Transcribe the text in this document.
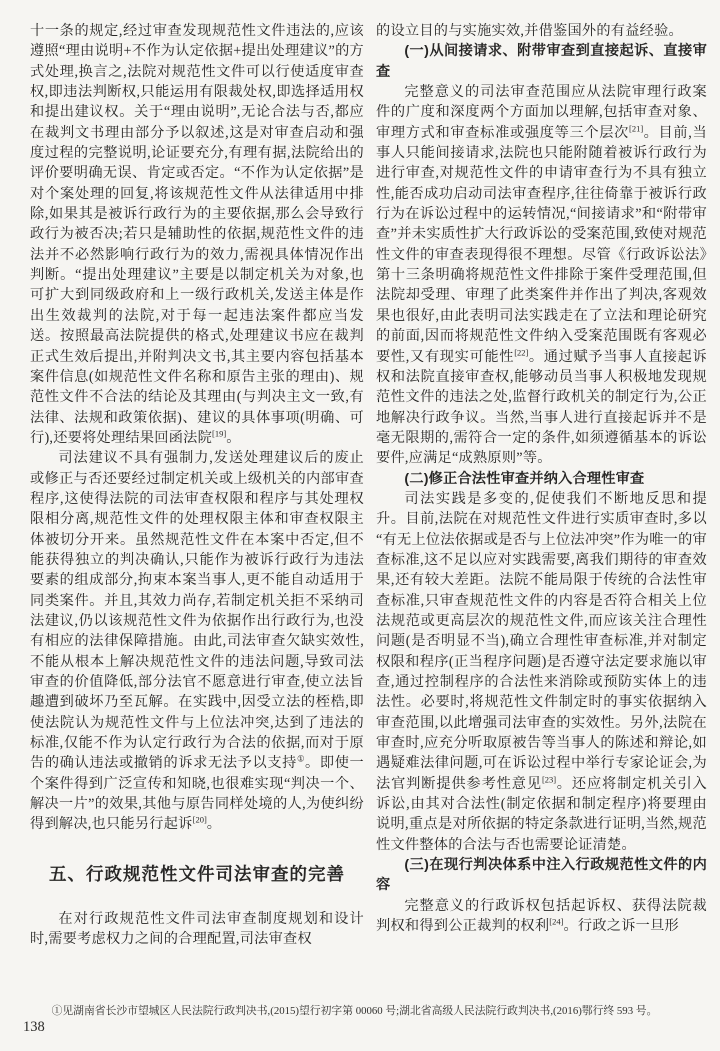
十一条的规定,经过审查发现规范性文件违法的,应该遵照“理由说明+不作为认定依据+提出处理建议”的方式处理,换言之,法院对规范性文件可以行使适度审查权,即违法判断权,只能运用有限裁处权,即选择适用权和提出建议权。关于“理由说明”,无论合法与否,都应在裁判文书理由部分予以叙述,这是对审查启动和强度过程的完整说明,论证要充分,有理有据,法院给出的评价要明确无误、肯定或否定。“不作为认定依据”是对个案处理的回复,将该规范性文件从法律适用中排除,如果其是被诉行政行为的主要依据,那么会导致行政行为被否决;若只是辅助性的依据,规范性文件的违法并不必然影响行政行为的效力,需视具体情况作出判断。“提出处理建议”主要是以制定机关为对象,也可扩大到同级政府和上一级行政机关,发送主体是作出生效裁判的法院,对于每一起违法案件都应当发送。按照最高法院提供的格式,处理建议书应在裁判正式生效后提出,并附判决文书,其主要内容包括基本案件信息(如规范性文件名称和原告主张的理由)、规范性文件不合法的结论及其理由(与判决主文一致,有法律、法规和政策依据)、建议的具体事项(明确、可行),还要将处理结果回函法院[19]。

司法建议不具有强制力,发送处理建议后的废止或修正与否还要经过制定机关或上级机关的内部审查程序,这使得法院的司法审查权限和程序与其处理权限相分离,规范性文件的处理权限主体和审查权限主体被切分开来。虽然规范性文件在本案中否定,但不能获得独立的判决确认,只能作为被诉行政行为违法要素的组成部分,拘束本案当事人,更不能自动适用于同类案件。并且,其效力尚存,若制定机关拒不采纳司法建议,仍以该规范性文件为依据作出行政行为,也没有相应的法律保障措施。由此,司法审查欠缺实效性,不能从根本上解决规范性文件的违法问题,导致司法审查的价值降低,部分法官不愿意进行审查,使立法旨趣遭到破坏乃至瓦解。在实践中,因受立法的桎梏,即使法院认为规范性文件与上位法冲突,达到了违法的标准,仅能不作为认定行政行为合法的依据,而对于原告的确认违法或撤销的诉求无法予以支持①。即使一个案件得到广泛宣传和知晓,也很难实现“判决一个、解决一片”的效果,其他与原告同样处境的人,为使纠纷得到解决,也只能另行起诉[20]。

五、行政规范性文件司法审查的完善

在对行政规范性文件司法审查制度规划和设计时,需要考虑权力之间的合理配置,司法审查权

的设立目的与实施实效,并借鉴国外的有益经验。

(一)从间接请求、附带审查到直接起诉、直接审查

完整意义的司法审查范围应从法院审理行政案件的广度和深度两个方面加以理解,包括审查对象、审理方式和审查标准或强度等三个层次[21]。目前,当事人只能间接请求,法院也只能附随着被诉行政行为进行审查,对规范性文件的申请审查行为不具有独立性,能否成功启动司法审查程序,往往倚靠于被诉行政行为在诉讼过程中的运转情况,“间接请求”和“附带审查”并未实质性扩大行政诉讼的受案范围,致使对规范性文件的审查表现得很不理想。尽管《行政诉讼法》第十三条明确将规范性文件排除于案件受理范围,但法院却受理、审理了此类案件并作出了判决,客观效果也很好,由此表明司法实践走在了立法和理论研究的前面,因而将规范性文件纳入受案范围既有客观必要性,又有现实可能性[22]。通过赋予当事人直接起诉权和法院直接审查权,能够动员当事人积极地发现规范性文件的违法之处,监督行政机关的制定行为,公正地解决行政争议。当然,当事人进行直接起诉并不是毫无限期的,需符合一定的条件,如须遵循基本的诉讼要件,应满足“成熟原则”等。

(二)修正合法性审查并纳入合理性审查

司法实践是多变的,促使我们不断地反思和提升。目前,法院在对规范性文件进行实质审查时,多以“有无上位法依据或是否与上位法冲突”作为唯一的审查标准,这不足以应对实践需要,离我们期待的审查效果,还有较大差距。法院不能局限于传统的合法性审查标准,只审查规范性文件的内容是否符合相关上位法规范或更高层次的规范性文件,而应该关注合理性问题(是否明显不当),确立合理性审查标准,并对制定权限和程序(正当程序问题)是否遵守法定要求施以审查,通过控制程序的合法性来消除或预防实体上的违法性。必要时,将规范性文件制定时的事实依据纳入审查范围,以此增强司法审查的实效性。另外,法院在审查时,应充分听取原被告等当事人的陈述和辩论,如遇疑难法律问题,可在诉讼过程中举行专家论证会,为法官判断提供参考性意见[23]。还应将制定机关引入诉讼,由其对合法性(制定依据和制定程序)将要理由说明,重点是对所依据的特定条款进行证明,当然,规范性文件整体的合法与否也需要论证清楚。

(三)在现行判决体系中注入行政规范性文件的内容

完整意义的行政诉权包括起诉权、获得法院裁判权和得到公正裁判的权利[24]。行政之诉一旦形

①见湖南省长沙市望城区人民法院行政判决书,(2015)望行初字第 00060 号;湖北省高级人民法院行政判决书,(2016)鄂行终 593 号。
138
